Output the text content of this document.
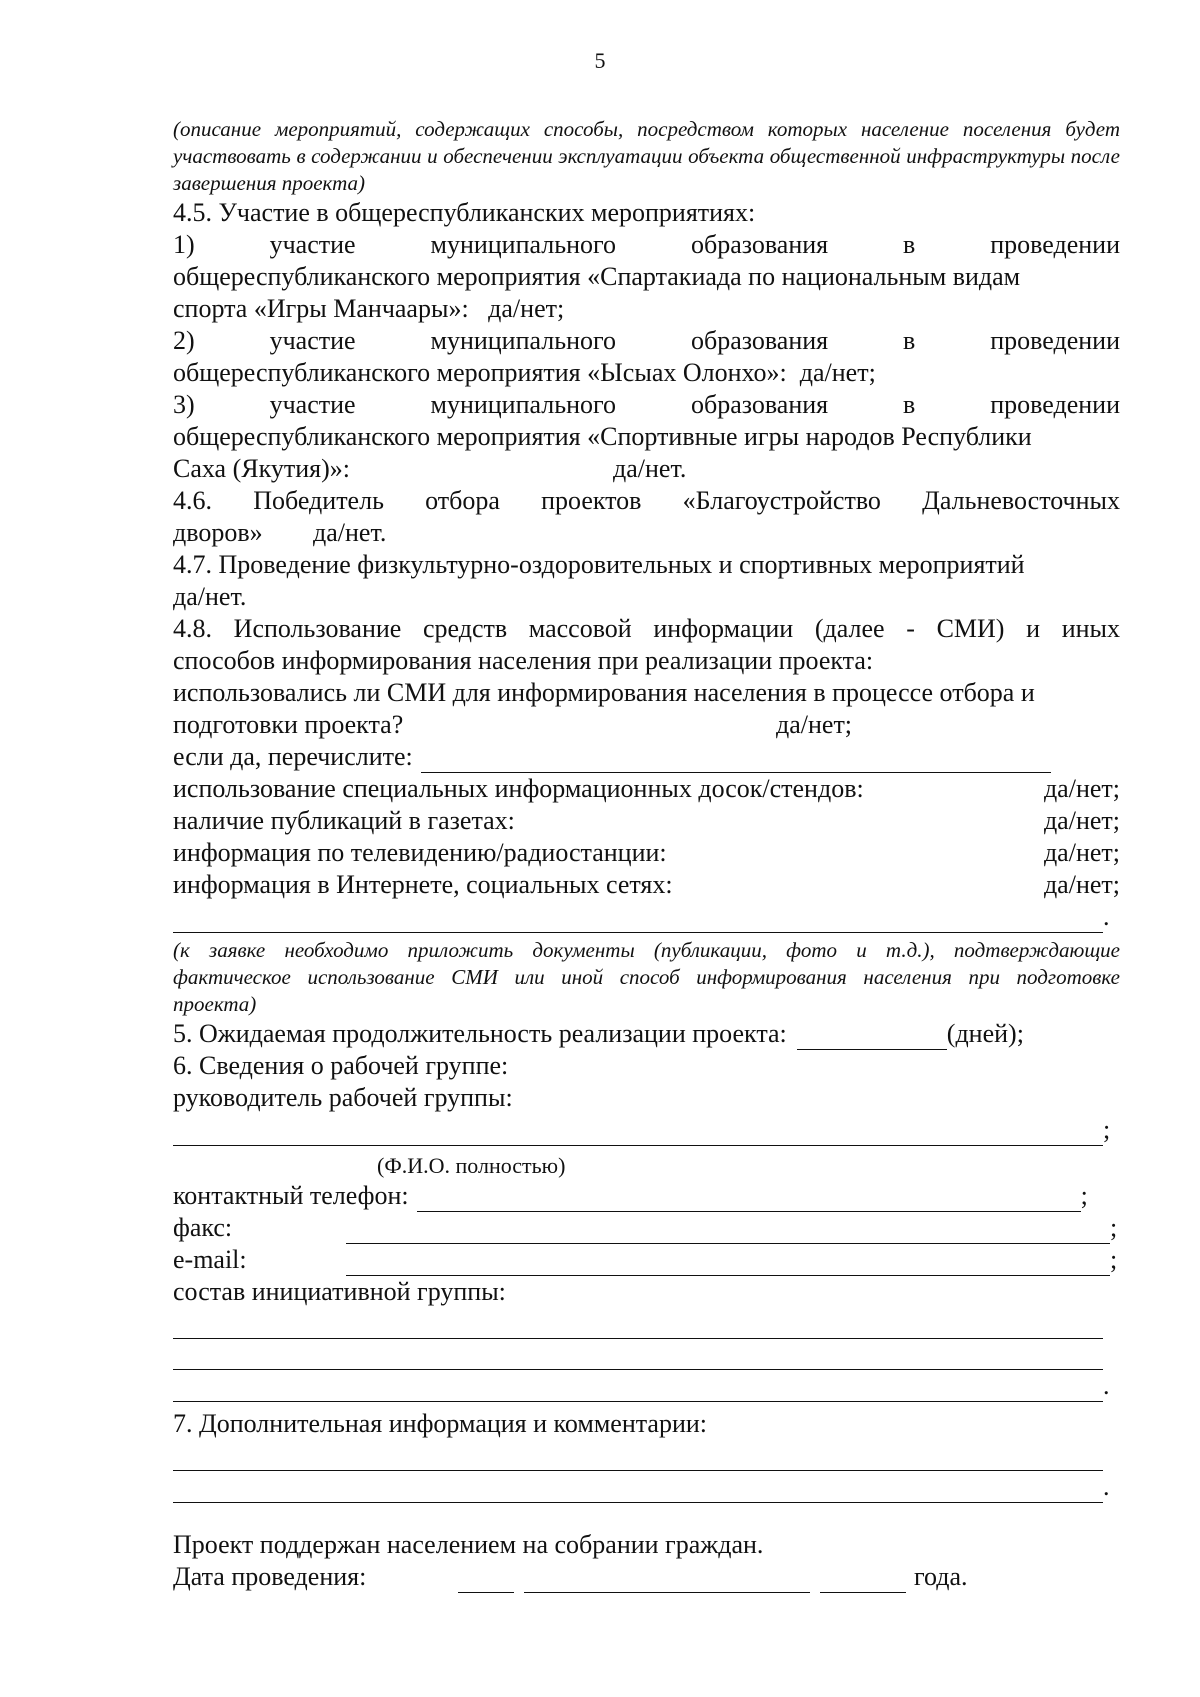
5

(описание мероприятий, содержащих способы, посредством которых население поселения будет участвовать в содержании и обеспечении эксплуатации объекта общественной инфраструктуры после завершения проекта)

4.5. Участие в общереспубликанских мероприятиях:

1) участие муниципального образования в проведении

общереспубликанского мероприятия «Спартакиада по национальным видам

спорта «Игры Манчаары»:   да/нет;

2) участие муниципального образования в проведении

общереспубликанского мероприятия «Ысыах Олонхо»:  да/нет;

3) участие муниципального образования в проведении

общереспубликанского мероприятия «Спортивные игры народов Республики

Саха (Якутия)»:	да/нет.

4.6. Победитель отбора проектов «Благоустройство Дальневосточных

дворов»	да/нет.

4.7. Проведение физкультурно-оздоровительных и спортивных мероприятий

да/нет.

4.8. Использование средств массовой информации (далее - СМИ) и иных

способов информирования населения при реализации проекта:

использовались ли СМИ для информирования населения в процессе отбора и

подготовки проекта?	да/нет;
если да, перечислите:
использование специальных информационных досок/стендов:	да/нет;
наличие публикаций в газетах:	да/нет;
информация по телевидению/радиостанции:	да/нет;
информация в Интернете, социальных сетях:	да/нет;
.

(к заявке необходимо приложить документы (публикации, фото и т.д.), подтверждающие фактическое использование СМИ или иной способ информирования населения при подготовке проекта)

5. Ожидаемая продолжительность реализации проекта:	(дней);

6. Сведения о рабочей группе:

руководитель рабочей группы:

;
(Ф.И.О. полностью)
контактный телефон:	;
факс:	;
e-mail:	;

состав инициативной группы:

.

7. Дополнительная информация и комментарии:

.

Проект поддержан населением на собрании граждан.

Дата проведения:	года.
